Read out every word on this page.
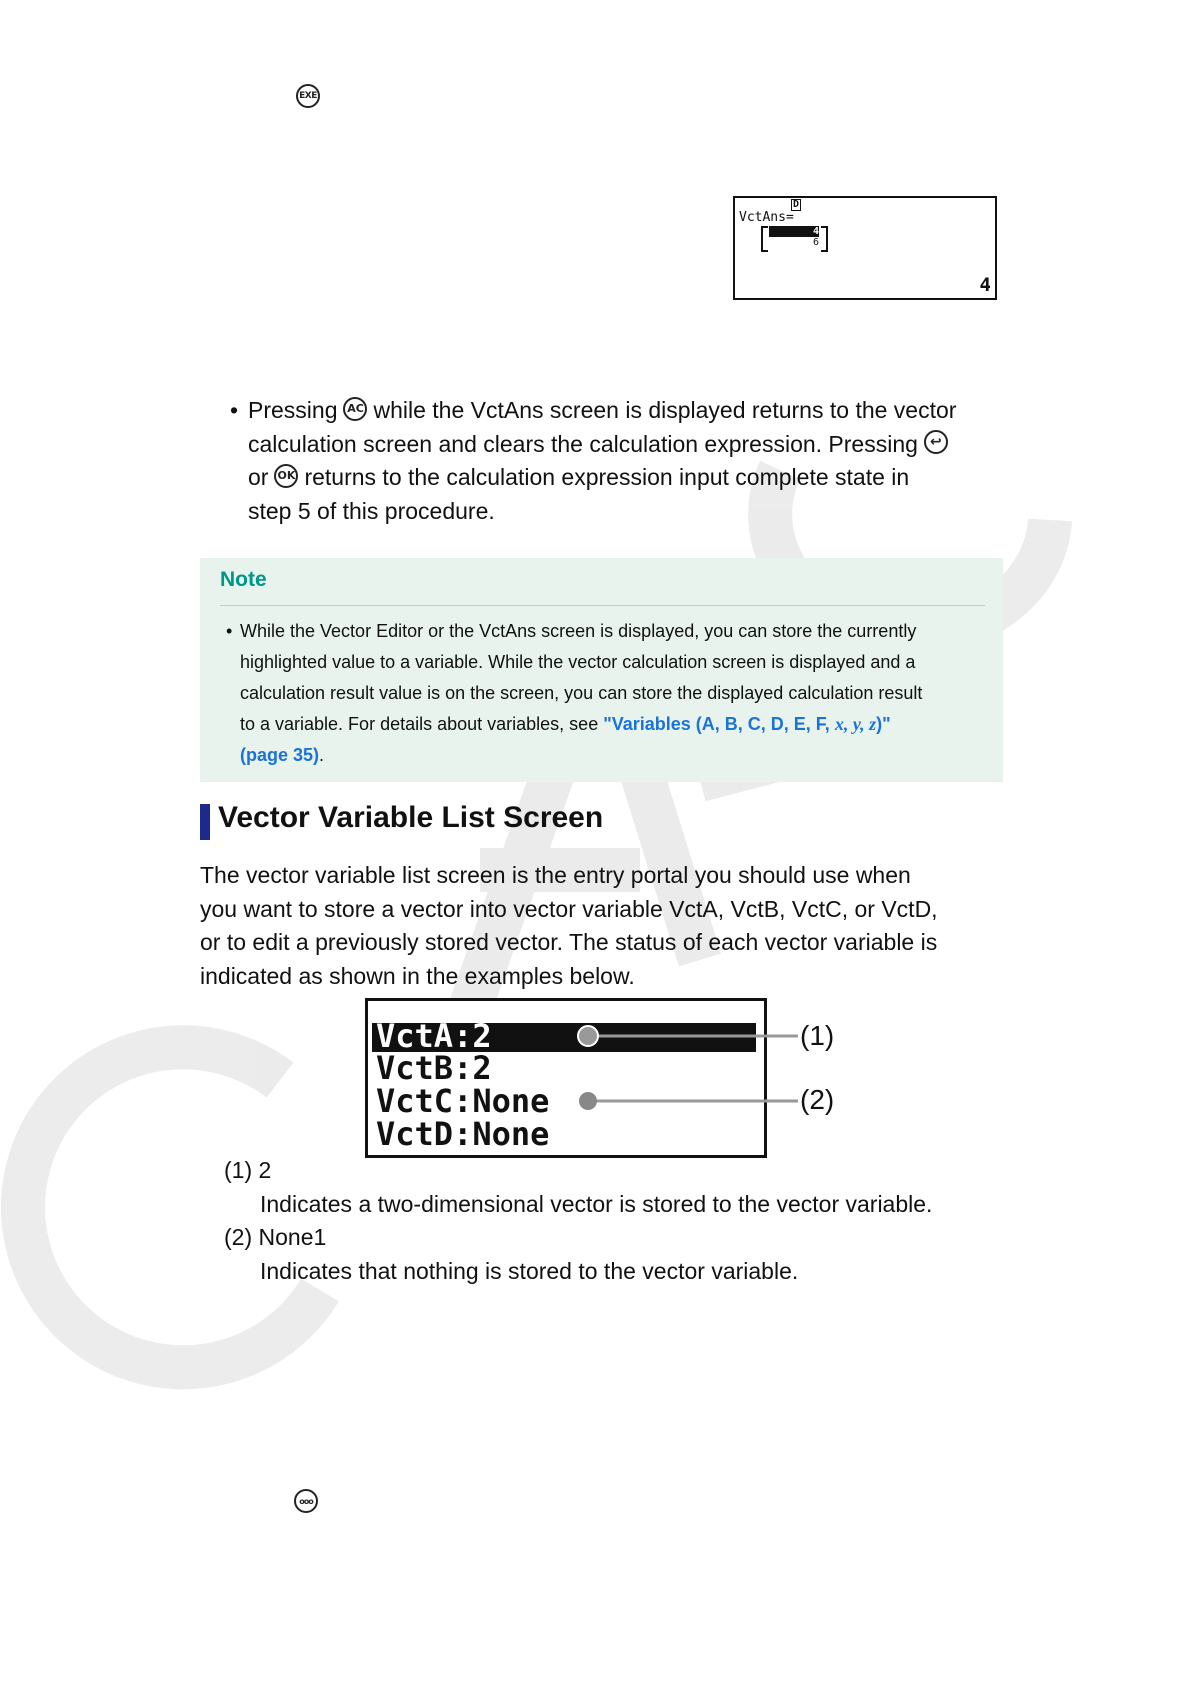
EXE
D
VctAns=
4
6
4
• Pressing AC while the VctAns screen is displayed returns to the vector
calculation screen and clears the calculation expression. Pressing ↩
or OK returns to the calculation expression input complete state in
step 5 of this procedure.
Note
• While the Vector Editor or the VctAns screen is displayed, you can store the currently
highlighted value to a variable. While the vector calculation screen is displayed and a
calculation result value is on the screen, you can store the displayed calculation result
to a variable. For details about variables, see "Variables (A, B, C, D, E, F, x, y, z)"
(page 35).
Vector Variable List Screen
The vector variable list screen is the entry portal you should use when
you want to store a vector into vector variable VctA, VctB, VctC, or VctD,
or to edit a previously stored vector. The status of each vector variable is
indicated as shown in the examples below.
VctA:2
VctB:2
VctC:None
VctD:None
(1)
(2)
(1) 2
Indicates a two-dimensional vector is stored to the vector variable.
(2) None1
Indicates that nothing is stored to the vector variable.
ooo
